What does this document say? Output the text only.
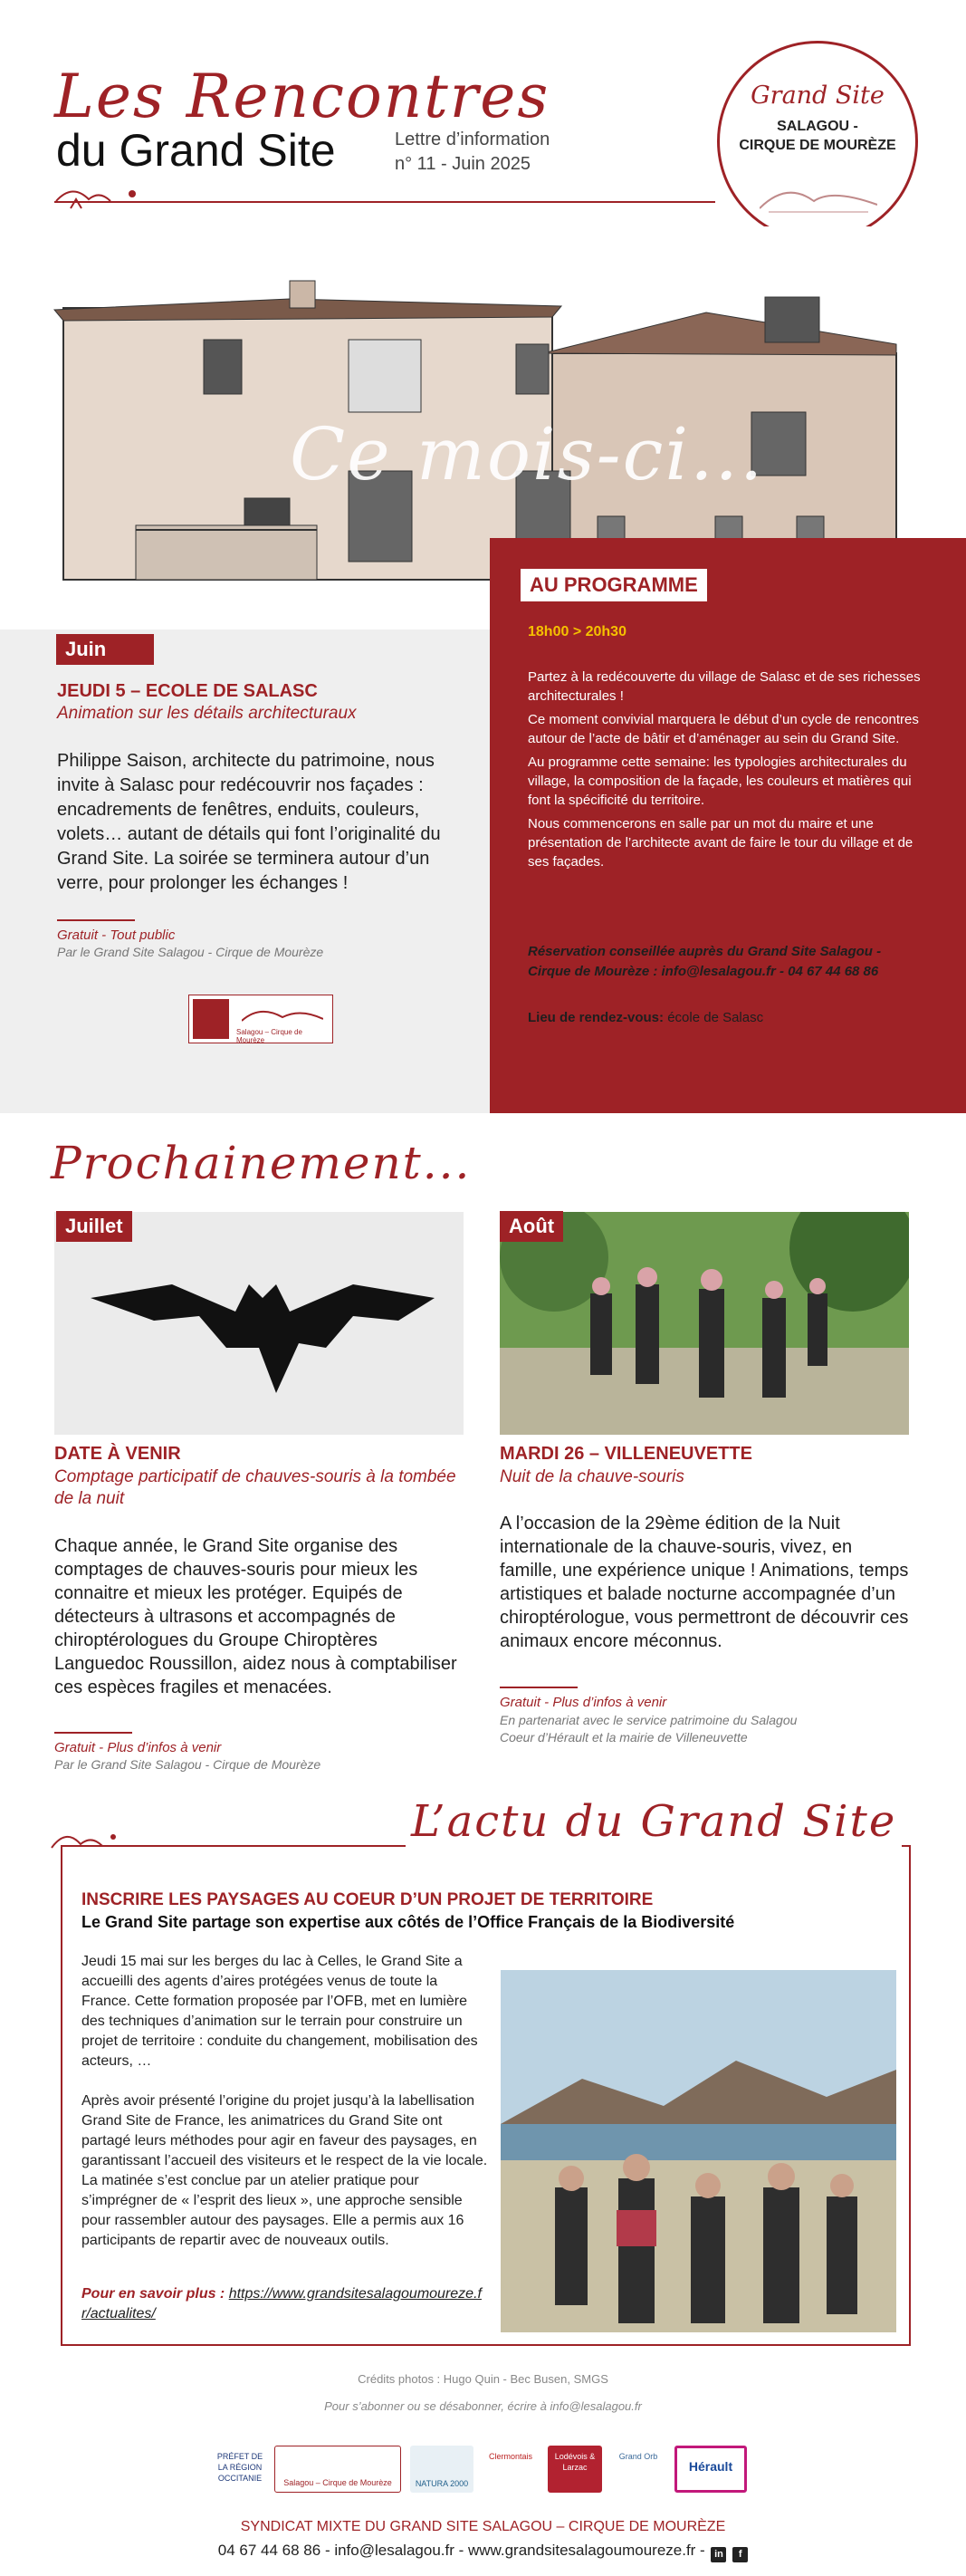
Les Rencontres
du Grand Site	Lettre d’information
n° 11 - Juin 2025
Grand Site
SALAGOU -
CIRQUE DE MOURÈZE
Ce mois-ci...
Juin
JEUDI 5 – ECOLE DE SALASC
Animation sur les détails architecturaux
Philippe Saison, architecte du patrimoine, nous invite à Salasc pour redécouvrir nos façades : encadrements de fenêtres, enduits, couleurs, volets… autant de détails qui font l’originalité du Grand Site. La soirée se terminera autour d’un verre, pour prolonger les échanges !
Gratuit - Tout public
Par le Grand Site Salagou - Cirque de Mourèze
Salagou – Cirque de Mourèze
AU PROGRAMME
18h00 > 20h30

Partez à la redécouverte du village de Salasc et de ses richesses architecturales !

Ce moment convivial marquera le début d’un cycle de rencontres autour de l’acte de bâtir et d’aménager au sein du Grand Site.

Au programme cette semaine: les typologies architecturales du village, la composition de la façade, les couleurs et matières qui font la spécificité du territoire.

Nous commencerons en salle par un mot du maire et une présentation de l’architecte avant de faire le tour du village et de ses façades.

Réservation conseillée auprès du Grand Site Salagou - Cirque de Mourèze : info@lesalagou.fr - 04 67 44 68 86
Lieu de rendez-vous: école de Salasc
Prochainement...
Juillet
DATE À VENIR
Comptage participatif de chauves-souris à la tombée de la nuit
Chaque année, le Grand Site organise des comptages de chauves-souris pour mieux les connaitre et mieux les protéger. Equipés de détecteurs à ultrasons et accompagnés de chiroptérologues du Groupe Chiroptères Languedoc Roussillon, aidez nous à comptabiliser ces espèces fragiles et menacées.
Gratuit - Plus d’infos à venir
Par le Grand Site Salagou - Cirque de Mourèze
Août
MARDI 26 – VILLENEUVETTE
Nuit de la chauve-souris
A l’occasion de la 29ème édition de la Nuit internationale de la chauve-souris, vivez, en famille, une expérience unique ! Animations, temps artistiques et balade nocturne accompagnée d’un chiroptérologue, vous permettront de découvrir ces animaux encore méconnus.
Gratuit - Plus d’infos à venir
En partenariat avec le service patrimoine du Salagou
Coeur d’Hérault et la mairie de Villeneuvette
L’actu du Grand Site
INSCRIRE LES PAYSAGES AU COEUR D’UN PROJET DE TERRITOIRE
Le Grand Site partage son expertise aux côtés de l’Office Français de la Biodiversité

Jeudi 15 mai sur les berges du lac à Celles, le Grand Site a accueilli des agents d’aires protégées venus de toute la France. Cette formation proposée par l’OFB, met en lumière des techniques d’animation sur le terrain pour construire un projet de territoire : conduite du changement, mobilisation des acteurs, …

Après avoir présenté l’origine du projet jusqu’à la labellisation Grand Site de France, les animatrices du Grand Site ont partagé leurs méthodes pour agir en faveur des paysages, en garantissant l’accueil des visiteurs et le respect de la vie locale. La matinée s’est conclue par un atelier pratique pour s’imprégner de « l’esprit des lieux », une approche sensible pour rassembler autour des paysages. Elle a permis aux 16 participants de repartir avec de nouveaux outils.

Pour en savoir plus : https://www.grandsitesalagoumoureze.fr/actualites/
Crédits photos : Hugo Quin - Bec Busen, SMGS
Pour s’abonner ou se désabonner, écrire à info@lesalagou.fr
PRÉFET DE LA RÉGION OCCITANIE	Salagou – Cirque de Mourèze	NATURA 2000
Clermontais	Lodévois & Larzac
Grand Orb
Hérault
SYNDICAT MIXTE DU GRAND SITE SALAGOU – CIRQUE DE MOURÈZE
04 67 44 68 86 - info@lesalagou.fr - www.grandsitesalagoumoureze.fr - in f
